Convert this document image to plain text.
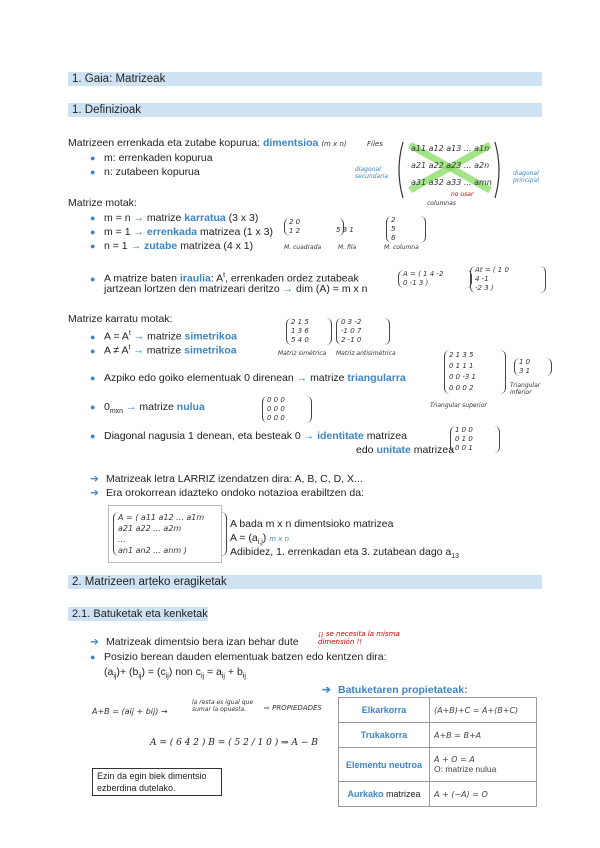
1. Gaia: Matrizeak
1. Definizioak
Matrizeen errenkada eta zutabe kopurua: dimentsioa (m x n)
● m: errenkaden kopurua
● n: zutabeen kopurua
Files	a11 a12 a13 ... a1n
a21 a22 a23 ... a2n
a31 a32 a33 ... amn
diagonal secundaria	diagonal principal
no usar
columnas
Matrize motak:
● m = n → matrize karratua (3 x 3)
● m = 1 → errenkada matrizea (1 x 3)
● n = 1 → zutabe matrizea (4 x 1)
2 0
1 2	5 3 1
2
5
6
M. cuadrada	M. fila	M. columna
● A matrize baten iraulia: $A^t$, errenkaden ordez zutabeak
jartzean lortzen den matrizeari deritzo → dim (A) = m x n
A = ( 1 4 -2
0 -1 3 )
At = ( 1 0
4 -1
-2 3 )
Matrize karratu motak:
● $A = A^t$ → matrize simetrikoa
● $A \ne A^t$ → matrize simetrikoa
2 1 5
1 3 6
5 4 0
0 3 -2
-1 0 7
2 -1 0
Matriz simétrica Matriz antisimétrica
● Azpiko edo goiko elementuak 0 direnean → matrize triangularra
2 1 3 5
0 1 1 1
0 0 -3 1
0 0 0 2
1 0
3 1
Triangular superior
Triangular inferior
● $0_{mxn}$ → matrize nulua
0 0 0
0 0 0
0 0 0
● Diagonal nagusia 1 denean, eta besteak 0 → identitate matrizea
edo unitate matrizea
1 0 0
0 1 0
0 0 1
➔ Matrizeak letra LARRIZ izendatzen dira: A, B, C, D, X...
➔ Era orokorrean idazteko ondoko notazioa erabiltzen da:
A = ( a11 a12 ... a1m
a21 a22 ... a2m
...
an1 an2 ... anm )
A bada m x n dimentsioko matrizea
$A = (a_{i,j})$ m x n
Adibidez, 1. errenkadan eta 3. zutabean dago $a_{13}$
2. Matrizeen arteko eragiketak
2.1. Batuketak eta kenketak
➔ Matrizeak dimentsio bera izan behar dute
¡¡ se necesita la misma dimensión !!
● Posizio berean dauden elementuak batzen edo kentzen dira:
$(a_{ij})+ (b_{ij}) = (c_{ij})$ non $c_{ij} = a_{ij} + b_{ij}$
A+B = (aij + bij) →
la resta es igual que sumar la opuesta.	⇨ PROPIEDADES
A = ( 6 4 2 ) B = ( 5 2 / 1 0 ) ⇒ A − B
Ezin da egin biek dimentsio ezberdina dutelako.
➔ Batuketaren propietateak:
Elkarkorra	(A+B)+C = A+(B+C)
Trukakorra	A+B = B+A
Elementu neutroa	A + O = A
O: matrize nulua

Aurkako matrizea	A + (−A) = O
